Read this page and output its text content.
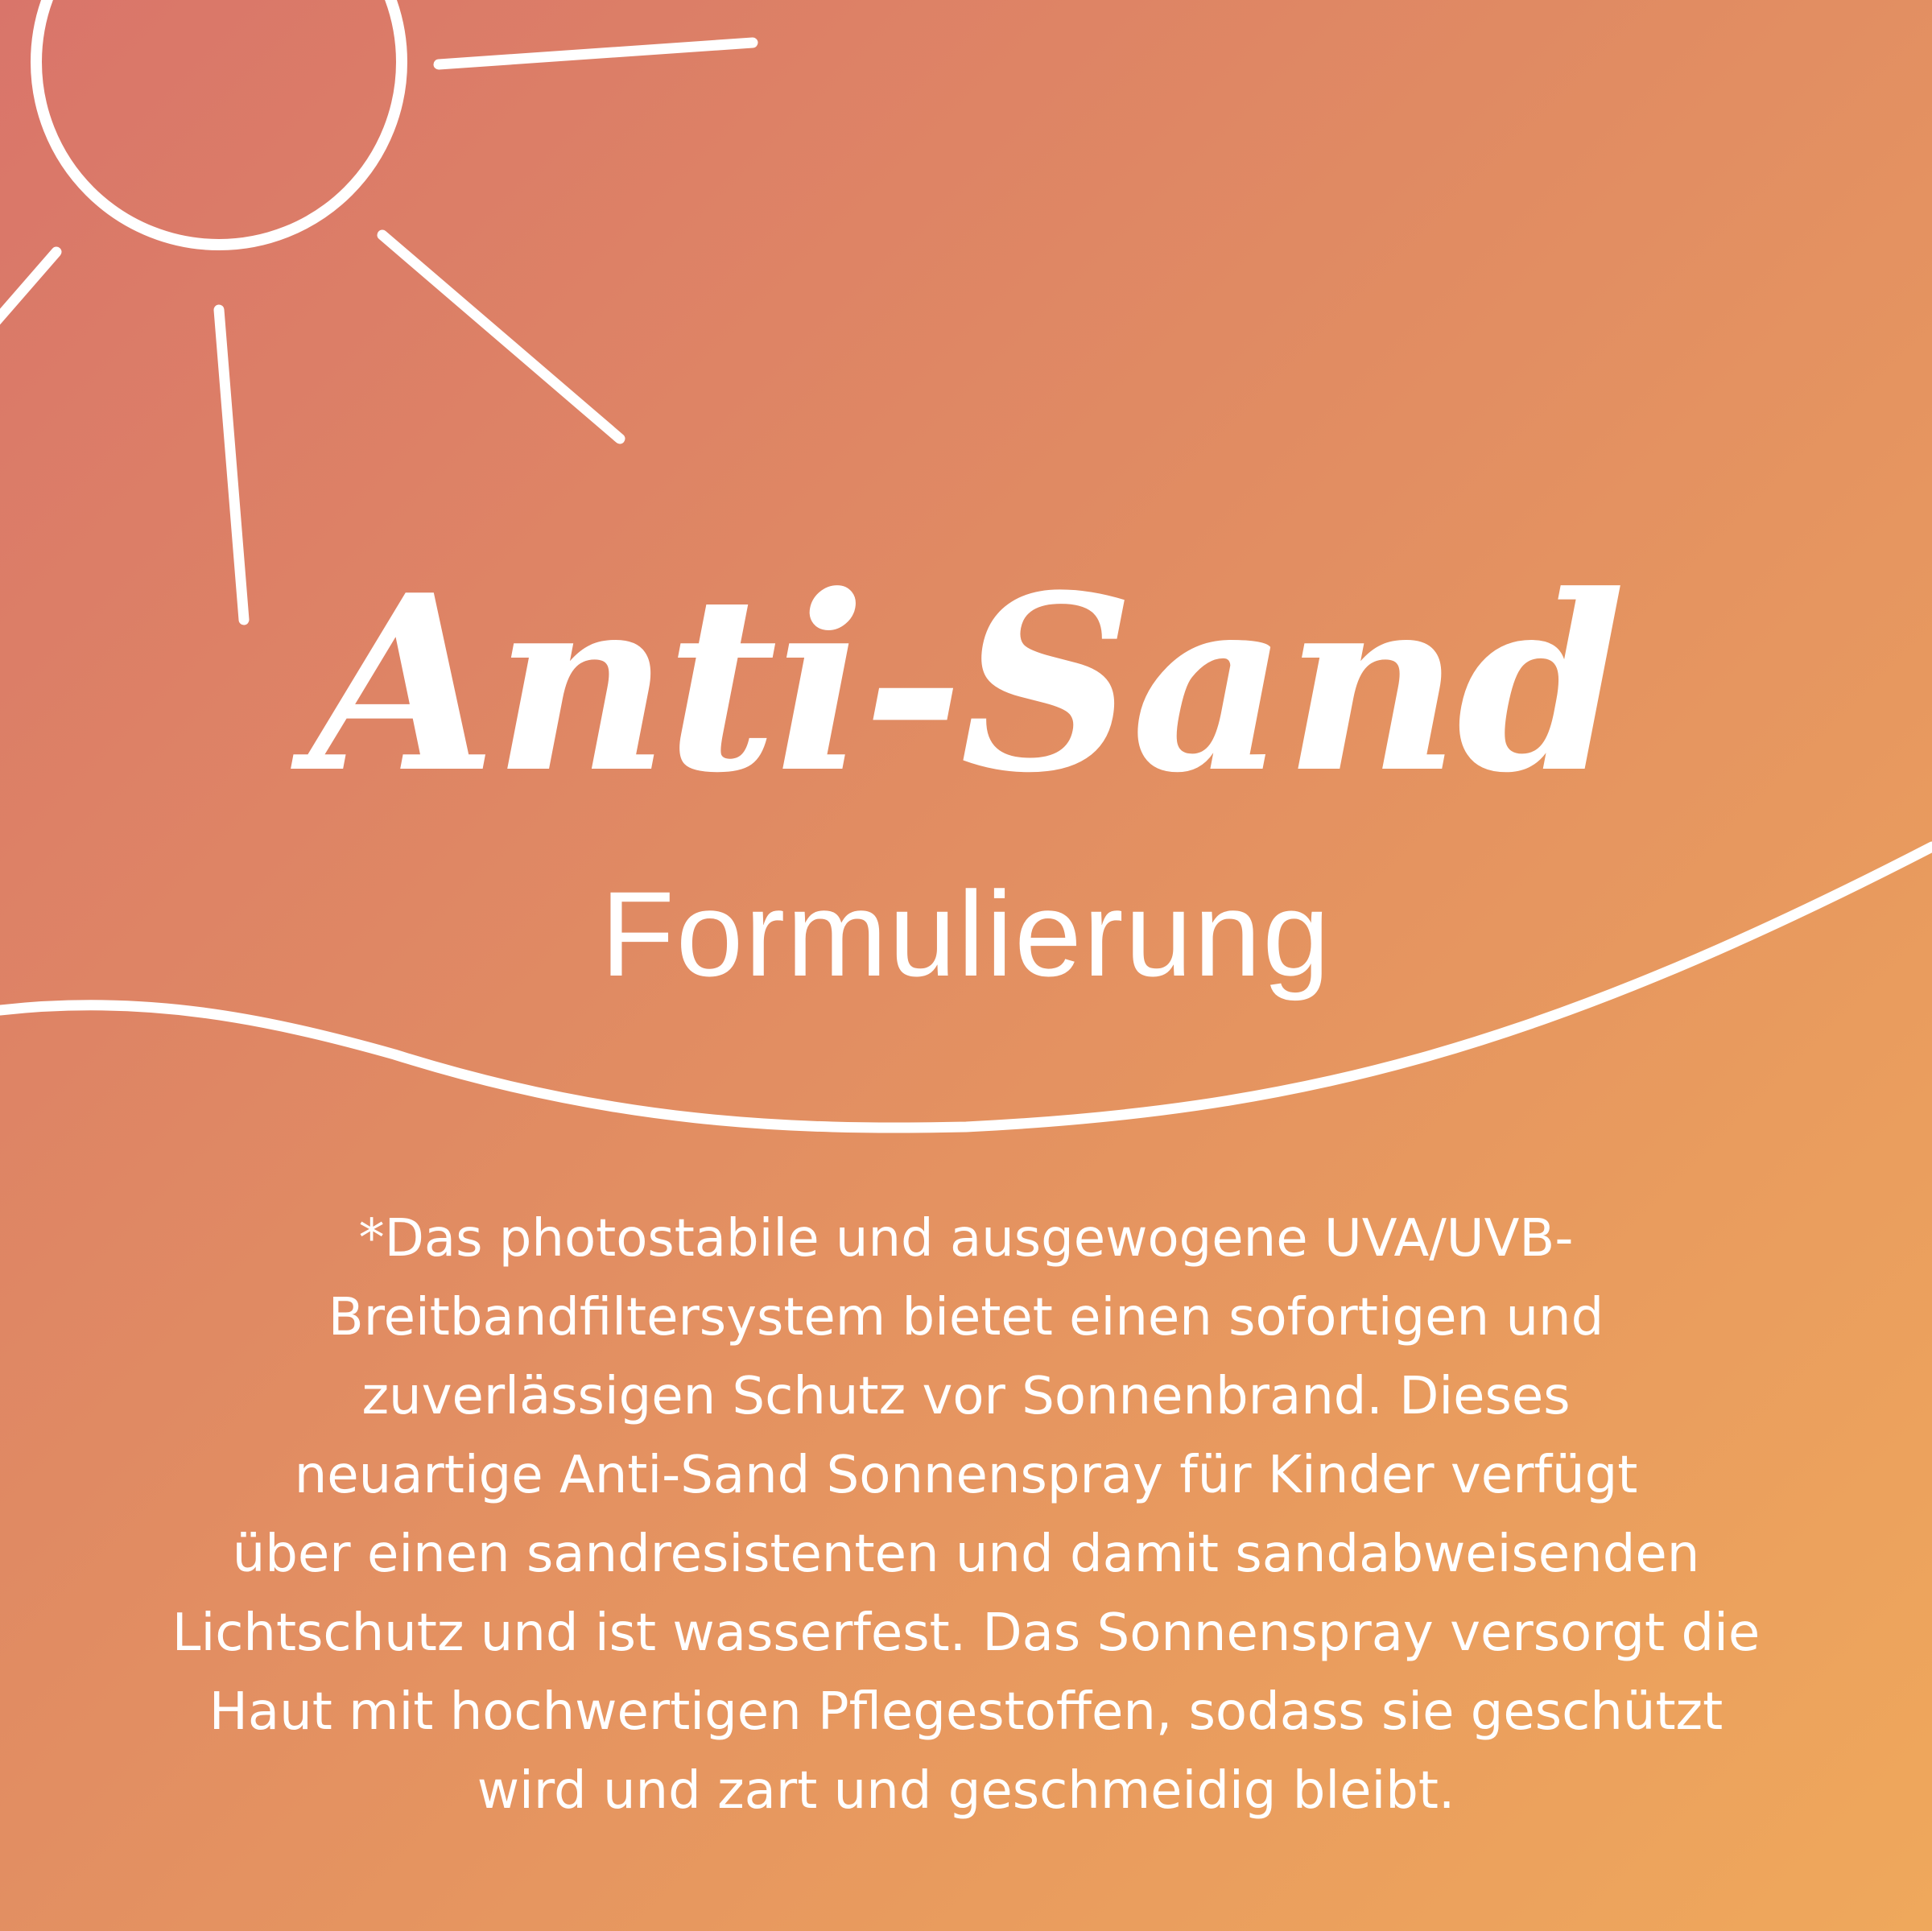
Anti-Sand
Formulierung

*Das photostabile und ausgewogene UVA/UVB-
Breitbandfiltersystem bietet einen sofortigen und
zuverlässigen Schutz vor Sonnenbrand. Dieses
neuartige Anti-Sand Sonnenspray für Kinder verfügt
über einen sandresistenten und damit sandabweisenden
Lichtschutz und ist wasserfest. Das Sonnenspray versorgt die
Haut mit hochwertigen Pflegestoffen, sodass sie geschützt
wird und zart und geschmeidig bleibt.
